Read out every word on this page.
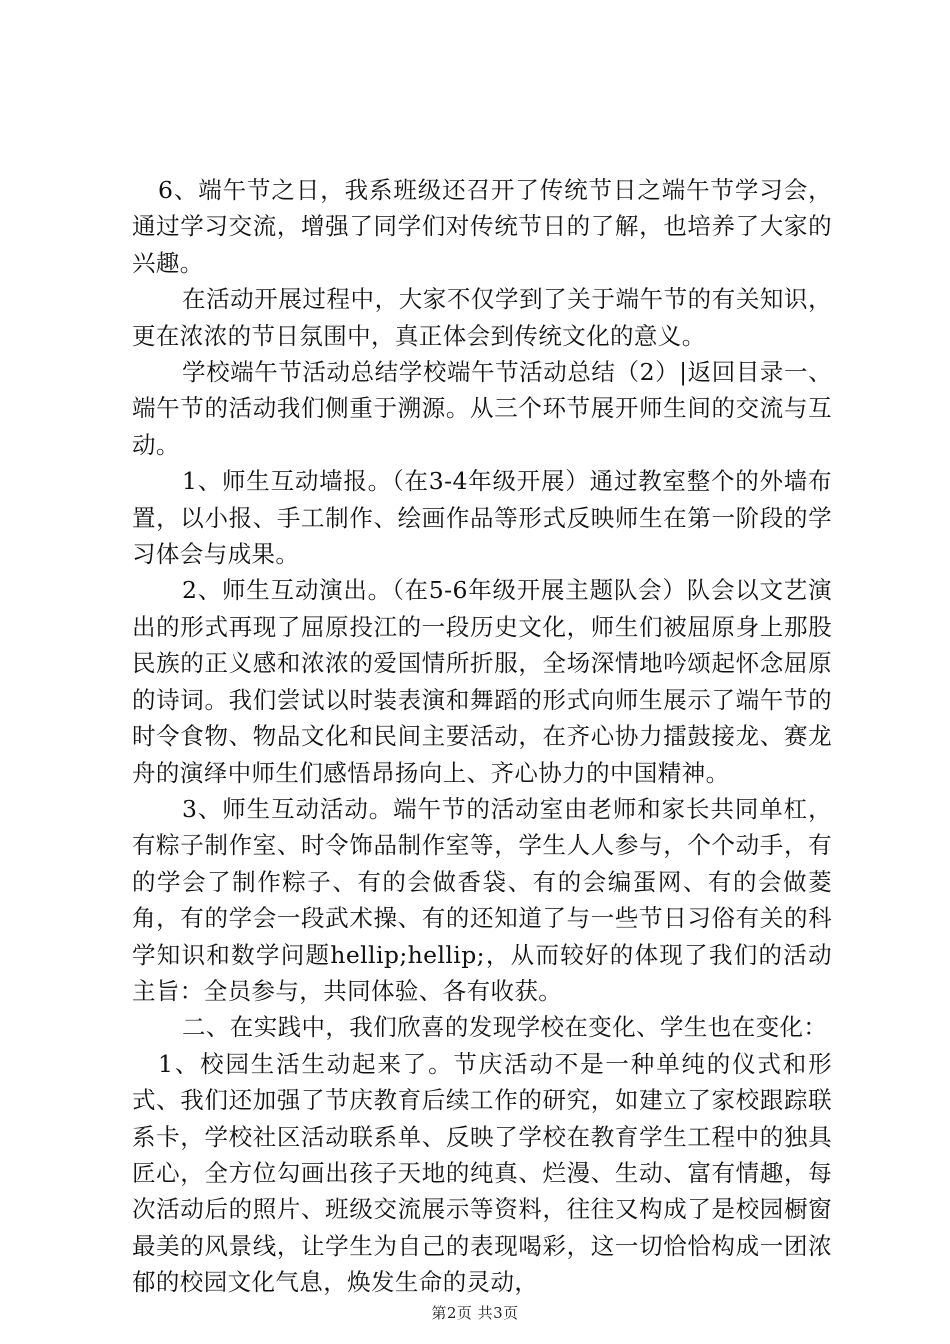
6、端午节之日，我系班级还召开了传统节日之端午节学习会，通过学习交流，增强了同学们对传统节日的了解，也培养了大家的兴趣。

在活动开展过程中，大家不仅学到了关于端午节的有关知识，更在浓浓的节日氛围中，真正体会到传统文化的意义。

学校端午节活动总结学校端午节活动总结（2）|返回目录一、端午节的活动我们侧重于溯源。从三个环节展开师生间的交流与互动。

1、师生互动墙报。（在3-4年级开展）通过教室整个的外墙布置，以小报、手工制作、绘画作品等形式反映师生在第一阶段的学习体会与成果。

2、师生互动演出。（在5-6年级开展主题队会）队会以文艺演出的形式再现了屈原投江的一段历史文化，师生们被屈原身上那股民族的正义感和浓浓的爱国情所折服，全场深情地吟颂起怀念屈原的诗词。我们尝试以时装表演和舞蹈的形式向师生展示了端午节的时令食物、物品文化和民间主要活动，在齐心协力擂鼓接龙、赛龙舟的演绎中师生们感悟昂扬向上、齐心协力的中国精神。

3、师生互动活动。端午节的活动室由老师和家长共同单杠，有粽子制作室、时令饰品制作室等，学生人人参与，个个动手，有的学会了制作粽子、有的会做香袋、有的会编蛋网、有的会做菱角，有的学会一段武术操、有的还知道了与一些节日习俗有关的科学知识和数学问题hellip;hellip;，从而较好的体现了我们的活动主旨：全员参与，共同体验、各有收获。

二、在实践中，我们欣喜的发现学校在变化、学生也在变化：

1、校园生活生动起来了。节庆活动不是一种单纯的仪式和形式、我们还加强了节庆教育后续工作的研究，如建立了家校跟踪联系卡，学校社区活动联系单、反映了学校在教育学生工程中的独具匠心，全方位勾画出孩子天地的纯真、烂漫、生动、富有情趣，每次活动后的照片、班级交流展示等资料，往往又构成了是校园橱窗最美的风景线，让学生为自己的表现喝彩，这一切恰恰构成一团浓郁的校园文化气息，焕发生命的灵动，

第2页 共3页
